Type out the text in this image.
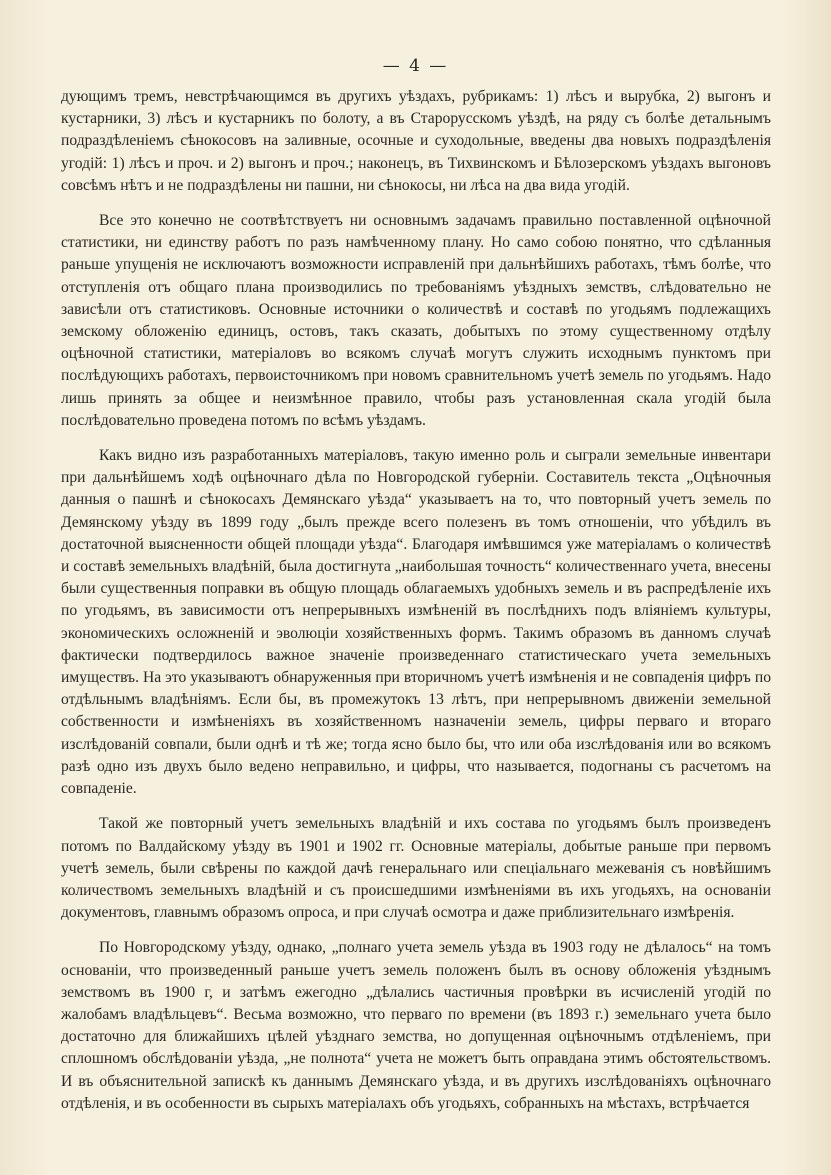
— 4 —

дующимъ тремъ, невстрѣчающимся въ другихъ уѣздахъ, рубрикамъ: 1) лѣсъ и вырубка, 2) выгонъ и кустарники, 3) лѣсъ и кустарникъ по болоту, а въ Старорусскомъ уѣздѣ, на ряду съ болѣе детальнымъ подраздѣленіемъ сѣнокосовъ на заливные, осочные и суходольные, введены два новыхъ подраздѣленія угодій: 1) лѣсъ и проч. и 2) выгонъ и проч.; наконецъ, въ Тихвинскомъ и Бѣлозерскомъ уѣздахъ выгоновъ совсѣмъ нѣтъ и не подраздѣлены ни пашни, ни сѣнокосы, ни лѣса на два вида угодій.

Все это конечно не соотвѣтствуетъ ни основнымъ задачамъ правильно поставленной оцѣночной статистики, ни единству работъ по разъ намѣченному плану. Но само собою понятно, что сдѣланныя раньше упущенія не исключаютъ возможности исправленій при дальнѣйшихъ работахъ, тѣмъ болѣе, что отступленія отъ общаго плана производились по требованіямъ уѣздныхъ земствъ, слѣдовательно не зависѣли отъ статистиковъ. Основные источники о количествѣ и составѣ по угодьямъ подлежащихъ земскому обложенію единицъ, остовъ, такъ сказать, добытыхъ по этому существенному отдѣлу оцѣночной статистики, матеріаловъ во всякомъ случаѣ могутъ служить исходнымъ пунктомъ при послѣдующихъ работахъ, первоисточникомъ при новомъ сравнительномъ учетѣ земель по угодьямъ. Надо лишь принять за общее и неизмѣнное правило, чтобы разъ установленная скала угодій была послѣдовательно проведена потомъ по всѣмъ уѣздамъ.

Какъ видно изъ разработанныхъ матеріаловъ, такую именно роль и сыграли земельные инвентари при дальнѣйшемъ ходѣ оцѣночнаго дѣла по Новгородской губерніи. Составитель текста „Оцѣночныя данныя о пашнѣ и сѣнокосахъ Демянскаго уѣзда“ указываетъ на то, что повторный учетъ земель по Демянскому уѣзду въ 1899 году „былъ прежде всего полезенъ въ томъ отношеніи, что убѣдилъ въ достаточной выясненности общей площади уѣзда“. Благодаря имѣвшимся уже матеріаламъ о количествѣ и составѣ земельныхъ владѣній, была достигнута „наибольшая точность“ количественнаго учета, внесены были существенныя поправки въ общую площадь облагаемыхъ удобныхъ земель и въ распредѣленіе ихъ по угодьямъ, въ зависимости отъ непрерывныхъ измѣненій въ послѣднихъ подъ вліяніемъ культуры, экономическихъ осложненій и эволюціи хозяйственныхъ формъ. Такимъ образомъ въ данномъ случаѣ фактически подтвердилось важное значеніе произведеннаго статистическаго учета земельныхъ имуществъ. На это указываютъ обнаруженныя при вторичномъ учетѣ измѣненія и не совпаденія цифръ по отдѣльнымъ владѣніямъ. Если бы, въ промежутокъ 13 лѣтъ, при непрерывномъ движеніи земельной собственности и измѣненіяхъ въ хозяйственномъ назначеніи земель, цифры перваго и втораго изслѣдованій совпали, были однѣ и тѣ же; тогда ясно было бы, что или оба изслѣдованія или во всякомъ разѣ одно изъ двухъ было ведено неправильно, и цифры, что называется, подогнаны съ расчетомъ на совпаденіе.

Такой же повторный учетъ земельныхъ владѣній и ихъ состава по угодьямъ былъ произведенъ потомъ по Валдайскому уѣзду въ 1901 и 1902 гг. Основные матеріалы, добытые раньше при первомъ учетѣ земель, были свѣрены по каждой дачѣ генеральнаго или спеціальнаго межеванія съ новѣйшимъ количествомъ земельныхъ владѣній и съ происшедшими измѣненіями въ ихъ угодьяхъ, на основаніи документовъ, главнымъ образомъ опроса, и при случаѣ осмотра и даже приблизительнаго измѣренія.

По Новгородскому уѣзду, однако, „полнаго учета земель уѣзда въ 1903 году не дѣлалось“ на томъ основаніи, что произведенный раньше учетъ земель положенъ былъ въ основу обложенія уѣзднымъ земствомъ въ 1900 г, и затѣмъ ежегодно „дѣлались частичныя провѣрки въ исчисленій угодій по жалобамъ владѣльцевъ“. Весьма возможно, что перваго по времени (въ 1893 г.) земельнаго учета было достаточно для ближайшихъ цѣлей уѣзднаго земства, но допущенная оцѣночнымъ отдѣленіемъ, при сплошномъ обслѣдованіи уѣзда, „не полнота“ учета не можетъ быть оправдана этимъ обстоятельствомъ. И въ объяснительной запискѣ къ даннымъ Демянскаго уѣзда, и въ другихъ изслѣдованіяхъ оцѣночнаго отдѣленія, и въ особенности въ сырыхъ матеріалахъ объ угодьяхъ, собранныхъ на мѣстахъ, встрѣчается
